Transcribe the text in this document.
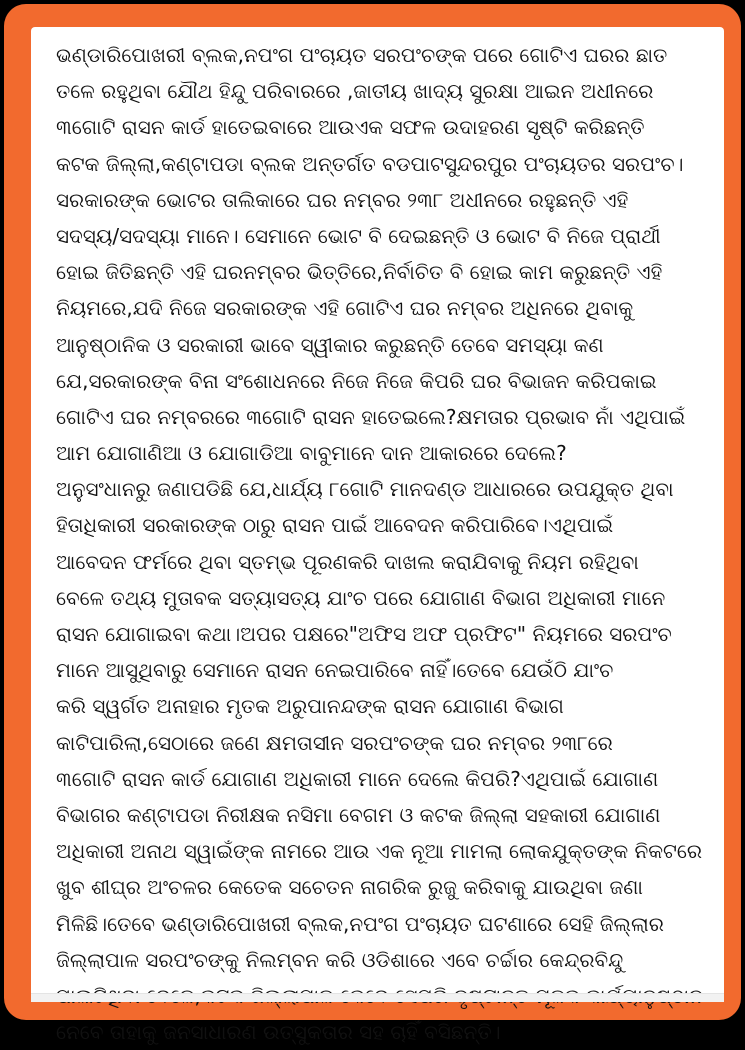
ଭଣ୍ଡାରିପୋଖରୀ ବ୍ଲକ,ନପଂଗ ପଂଚାୟତ ସରପଂଚଙ୍କ ପରେ ଗୋଟିଏ ଘରର ଛାତ
ତଳେ ରହୁଥିବା ଯୌଥ ହିନ୍ଦୁ ପରିବାରରେ ,ଜାତୀୟ ଖାଦ୍ୟ ସୁରକ୍ଷା ଆଇନ ଅଧୀନରେ
୩ଗୋଟି ରାସନ କାର୍ଡ ହାତେଇବାରେ ଆଉଏକ ସଫଳ ଉଦାହରଣ ସୃଷ୍ଟି କରିଛନ୍ତି
କଟକ ଜିଲ୍ଲା,କଣ୍ଟାପଡା ବ୍ଲକ ଅନ୍ତର୍ଗତ ବଡପାଟସୁନ୍ଦରପୁର ପଂଚାୟତର ସରପଂଚ।
ସରକାରଙ୍କ ଭୋଟର ତାଲିକାରେ ଘର ନମ୍ବର ୨୩୮ ଅଧୀନରେ ରହୁଛନ୍ତି ଏହି
ସଦସ୍ୟ/ସଦସ୍ୟା ମାନେ। ସେମାନେ ଭୋଟ ବି ଦେଇଛନ୍ତି ଓ ଭୋଟ ବି ନିଜେ ପ୍ରାର୍ଥୀ
ହୋଇ ଜିତିଛନ୍ତି ଏହି ଘରନମ୍ବର ଭିତ୍ତିରେ,ନିର୍ବାଚିତ ବି ହୋଇ କାମ କରୁଛନ୍ତି ଏହି
ନିୟମରେ,ଯଦି ନିଜେ ସରକାରଙ୍କ ଏହି ଗୋଟିଏ ଘର ନମ୍ବର ଅଧିନରେ ଥିବାକୁ
ଆନୁଷ୍ଠାନିକ ଓ ସରକାରୀ ଭାବେ ସ୍ୱୀକାର କରୁଛନ୍ତି ତେବେ ସମସ୍ୟା କଣ
ଯେ,ସରକାରଙ୍କ ବିନା ସଂଶୋଧନରେ ନିଜେ ନିଜେ କିପରି ଘର ବିଭାଜନ କରିପକାଇ
ଗୋଟିଏ ଘର ନମ୍ବରରେ ୩ଗୋଟି ରାସନ ହାତେଇଲେ?କ୍ଷମତାର ପ୍ରଭାବ ନାଁ ଏଥିପାଇଁ
ଆମ ଯୋଗାଣିଆ ଓ ଯୋଗାଡିଆ ବାବୁମାନେ ଦାନ ଆକାରରେ ଦେଲେ?
ଅନୁସଂଧାନରୁ ଜଣାପଡିଛି ଯେ,ଧାର୍ଯ୍ୟ ୮ଗୋଟି ମାନଦଣ୍ଡ ଆଧାରରେ ଉପଯୁକ୍ତ ଥିବା
ହିତାଧିକାରୀ ସରକାରଙ୍କ ଠାରୁ ରାସନ ପାଇଁ ଆବେଦନ କରିପାରିବେ।ଏଥିପାଇଁ
ଆବେଦନ ଫର୍ମରେ ଥିବା ସ୍ତମ୍ଭ ପୂରଣକରି ଦାଖଲ କରାଯିବାକୁ ନିୟମ ରହିଥିବା
ବେଳେ ତଥ୍ୟ ମୁତାବକ ସତ୍ୟାସତ୍ୟ ଯାଂଚ ପରେ ଯୋଗାଣ ବିଭାଗ ଅଧିକାରୀ ମାନେ
ରାସନ ଯୋଗାଇବା କଥା।ଅପର ପକ୍ଷରେ"ଅଫିସ ଅଫ ପ୍ରଫିଟ" ନିୟମରେ ସରପଂଚ
ମାନେ ଆସୁଥିବାରୁ ସେମାନେ ରାସନ ନେଇପାରିବେ ନାହିଁ।ତେବେ ଯେଉଁଠି ଯାଂଚ
କରି ସ୍ୱର୍ଗତ ଅନାହାର ମୃତକ ଅରୁପାନନ୍ଦଙ୍କ ରାସନ ଯୋଗାଣ ବିଭାଗ
କାଟିପାରିଲା,ସେଠାରେ ଜଣେ କ୍ଷମତାସୀନ ସରପଂଚଙ୍କ ଘର ନମ୍ବର ୨୩୮ରେ
୩ଗୋଟି ରାସନ କାର୍ଡ ଯୋଗାଣ ଅଧିକାରୀ ମାନେ ଦେଲେ କିପରି?ଏଥିପାଇଁ ଯୋଗାଣ
ବିଭାଗର କଣ୍ଟାପଡା ନିରୀକ୍ଷକ ନସିମା ବେଗମ ଓ କଟକ ଜିଲ୍ଲା ସହକାରୀ ଯୋଗାଣ
ଅଧିକାରୀ ଅନାଥ ସ୍ୱାଇଁଙ୍କ ନାମରେ ଆଉ ଏକ ନୂଆ ମାମଲା ଲୋକଯୁକ୍ତଙ୍କ ନିକଟରେ
ଖୁବ ଶୀଘ୍ର ଅଂଚଳର କେତେକ ସଚେତନ ନାଗରିକ ରୁଜୁ କରିବାକୁ ଯାଉଥିବା ଜଣା
ମିଳିଛି।ତେବେ ଭଣ୍ଡାରିପୋଖରୀ ବ୍ଲକ,ନପଂଗ ପଂଚାୟତ ଘଟଣାରେ ସେହି ଜିଲ୍ଲାର
ଜିଲ୍ଲାପାଳ ସରପଂଚଙ୍କୁ ନିଲମ୍ବନ କରି ଓଡିଶାରେ ଏବେ ଚର୍ଚ୍ଚାର କେନ୍ଦ୍ରବିନ୍ଦୁ
ନେବେ ତାହାକୁ ଜନସାଧାରଣ ଉତ୍ସୁକତାର ସହ ଚାହିଁ ବସିଛନ୍ତି।
